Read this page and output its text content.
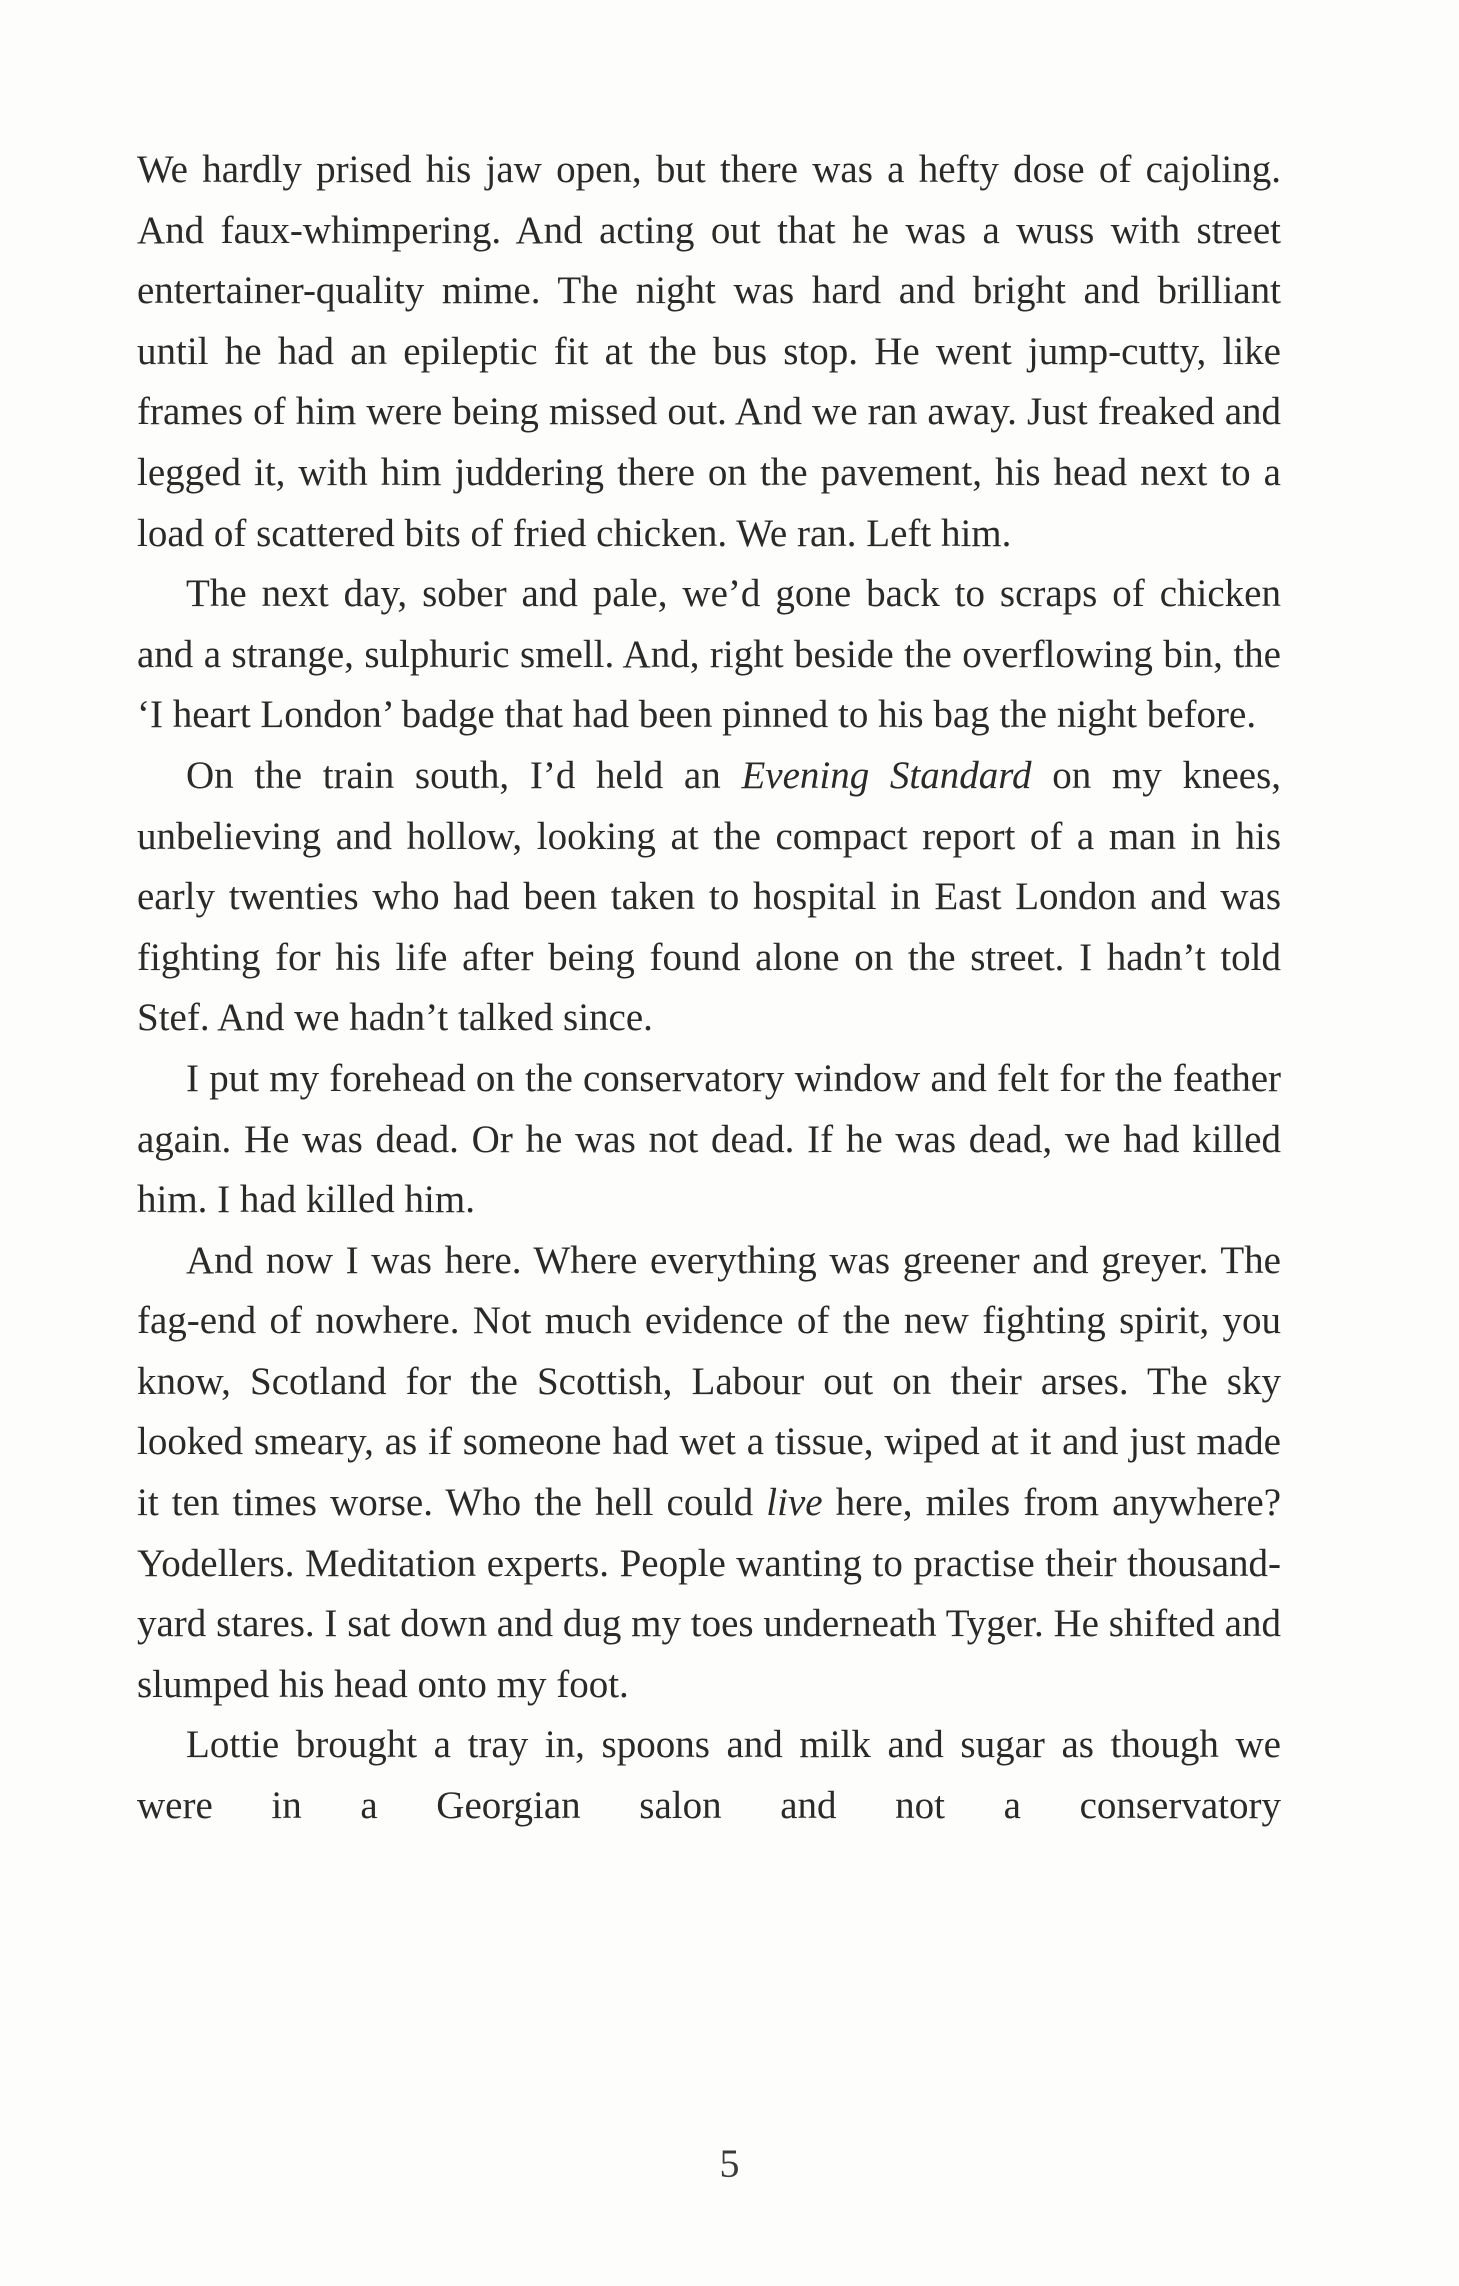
We hardly prised his jaw open, but there was a hefty dose of cajoling. And faux-whimpering. And acting out that he was a wuss with street entertainer-quality mime. The night was hard and bright and brilliant until he had an epileptic fit at the bus stop. He went jump-cutty, like frames of him were being missed out. And we ran away. Just freaked and legged it, with him juddering there on the pavement, his head next to a load of scattered bits of fried chicken. We ran. Left him.

The next day, sober and pale, we’d gone back to scraps of chicken and a strange, sulphuric smell. And, right beside the overflowing bin, the ‘I heart London’ badge that had been pinned to his bag the night before.

On the train south, I’d held an Evening Standard on my knees, unbelieving and hollow, looking at the compact report of a man in his early twenties who had been taken to hospital in East London and was fighting for his life after being found alone on the street. I hadn’t told Stef. And we hadn’t talked since.

I put my forehead on the conservatory window and felt for the feather again. He was dead. Or he was not dead. If he was dead, we had killed him. I had killed him.

And now I was here. Where everything was greener and greyer. The fag-end of nowhere. Not much evidence of the new fighting spirit, you know, Scotland for the Scottish, Labour out on their arses. The sky looked smeary, as if someone had wet a tissue, wiped at it and just made it ten times worse. Who the hell could live here, miles from anywhere? Yodellers. Meditation experts. People wanting to practise their thousand-yard stares. I sat down and dug my toes underneath Tyger. He shifted and slumped his head onto my foot.

Lottie brought a tray in, spoons and milk and sugar as though we were in a Georgian salon and not a conservatory

5
